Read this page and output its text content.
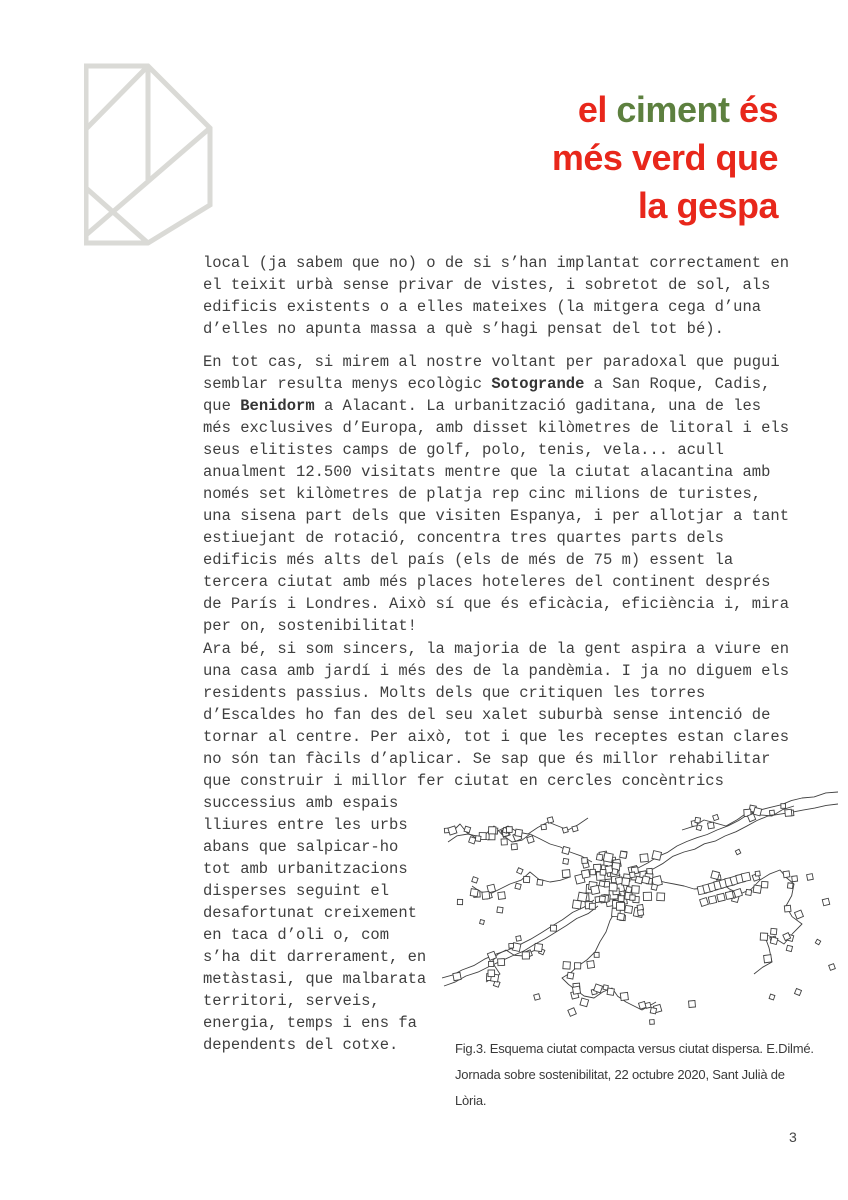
el ciment és
més verd que
la gespa
local (ja sabem que no) o de si s’han implantat correctament en
el teixit urbà sense privar de vistes, i sobretot de sol, als
edificis existents o a elles mateixes (la mitgera cega d’una
d’elles no apunta massa a què s’hagi pensat del tot bé).
En tot cas, si mirem al nostre voltant per paradoxal que pugui
semblar resulta menys ecològic Sotogrande a San Roque, Cadis,
que Benidorm a Alacant. La urbanització gaditana, una de les
més exclusives d’Europa, amb disset kilòmetres de litoral i els
seus elitistes camps de golf, polo, tenis, vela... acull
anualment 12.500 visitats mentre que la ciutat alacantina amb
només set kilòmetres de platja rep cinc milions de turistes,
una sisena part dels que visiten Espanya, i per allotjar a tant
estiuejant de rotació, concentra tres quartes parts dels
edificis més alts del país (els de més de 75 m) essent la
tercera ciutat amb més places hoteleres del continent després
de París i Londres. Això sí que és eficàcia, eficiència i, mira
per on, sostenibilitat!
Ara bé, si som sincers, la majoria de la gent aspira a viure en
una casa amb jardí i més des de la pandèmia. I ja no diguem els
residents passius. Molts dels que critiquen les torres
d’Escaldes ho fan des del seu xalet suburbà sense intenció de
tornar al centre. Per això, tot i que les receptes estan clares
no són tan fàcils d’aplicar. Se sap que és millor rehabilitar
que construir i millor fer ciutat en cercles concèntrics
successius amb espais
lliures entre les urbs
abans que salpicar-ho
tot amb urbanitzacions
disperses seguint el
desafortunat creixement
en taca d’oli o, com
s’ha dit darrerament, en
metàstasi, que malbarata
territori, serveis,
energia, temps i ens fa
dependents del cotxe.	Fig.3. Esquema ciutat compacta versus ciutat dispersa. E.Dilmé.
Jornada sobre sostenibilitat, 22 octubre 2020, Sant Julià de Lòria.
3
